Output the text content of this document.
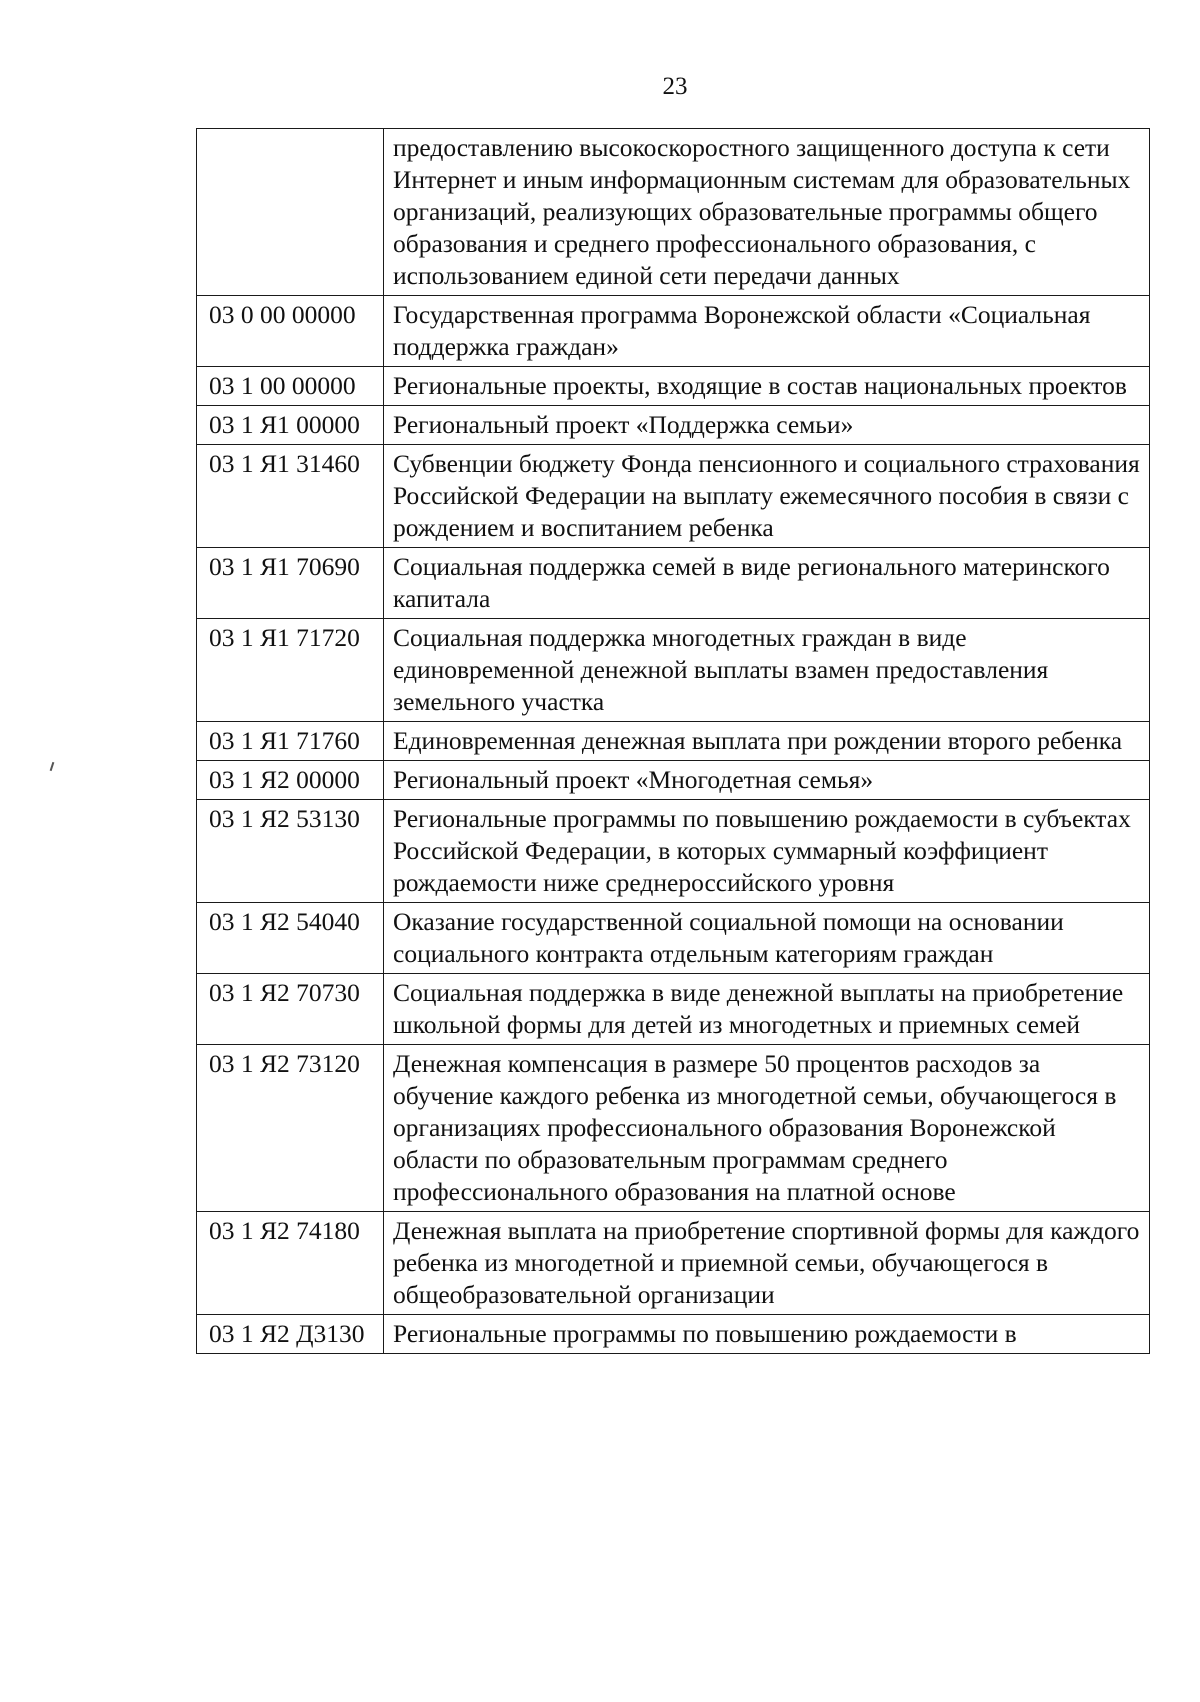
23
	предоставлению высокоскоростного защищенного доступа к сети Интернет и иным информационным системам для образовательных организаций, реализующих образовательные программы общего образования и среднего профессионального образования, с использованием единой сети передачи данных
03 0 00 00000	Государственная программа Воронежской области «Социальная поддержка граждан»
03 1 00 00000	Региональные проекты, входящие в состав национальных проектов
03 1 Я1 00000	Региональный проект «Поддержка семьи»
03 1 Я1 31460	Субвенции бюджету Фонда пенсионного и социального страхования Российской Федерации на выплату ежемесячного пособия в связи с рождением и воспитанием ребенка
03 1 Я1 70690	Социальная поддержка семей в виде регионального материнского капитала
03 1 Я1 71720	Социальная поддержка многодетных граждан в виде единовременной денежной выплаты взамен предоставления земельного участка
03 1 Я1 71760	Единовременная денежная выплата при рождении второго ребенка
03 1 Я2 00000	Региональный проект «Многодетная семья»
03 1 Я2 53130	Региональные программы по повышению рождаемости в субъектах Российской Федерации, в которых суммарный коэффициент рождаемости ниже среднероссийского уровня
03 1 Я2 54040	Оказание государственной социальной помощи на основании социального контракта отдельным категориям граждан
03 1 Я2 70730	Социальная поддержка в виде денежной выплаты на приобретение школьной формы для детей из многодетных и приемных семей
03 1 Я2 73120	Денежная компенсация в размере 50 процентов расходов за обучение каждого ребенка из многодетной семьи, обучающегося в организациях профессионального образования Воронежской области по образовательным программам среднего профессионального образования на платной основе
03 1 Я2 74180	Денежная выплата на приобретение спортивной формы для каждого ребенка из многодетной и приемной семьи, обучающегося в общеобразовательной организации
03 1 Я2 Д3130	Региональные программы по повышению рождаемости в
